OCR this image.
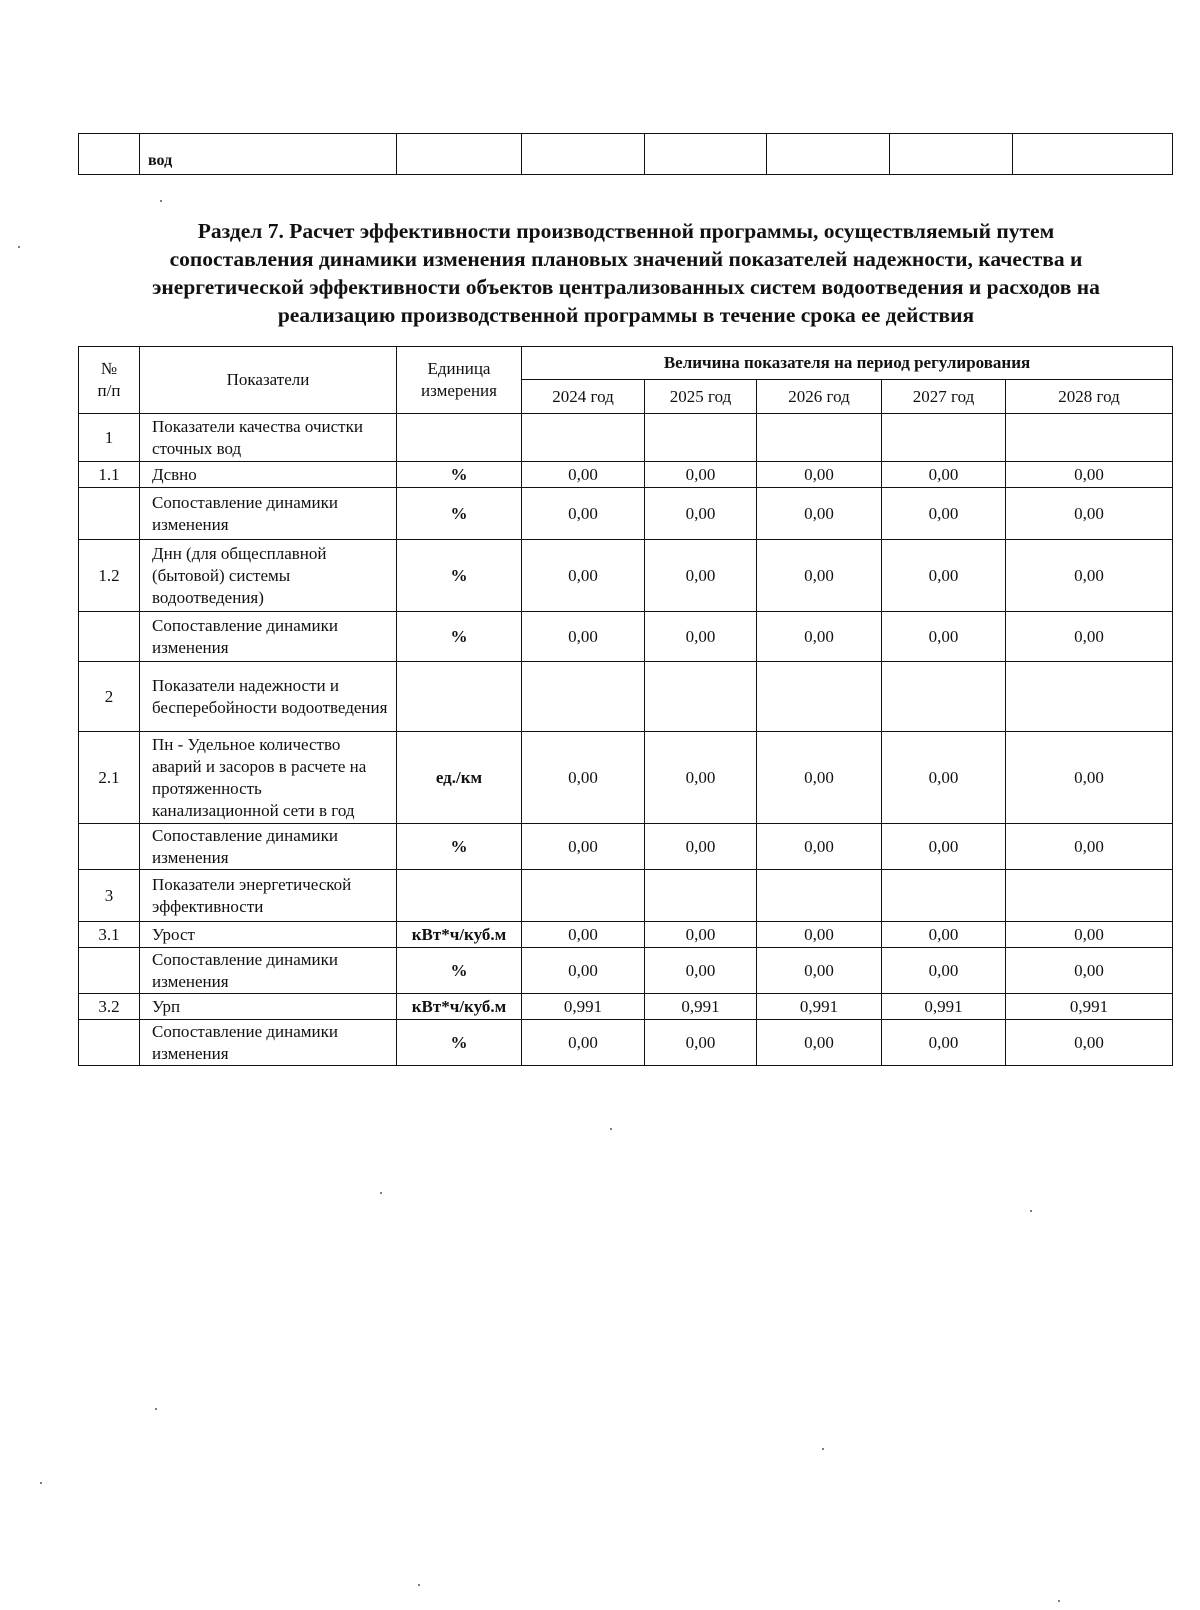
	вод						
Раздел 7. Расчет эффективности производственной программы, осуществляемый путем
сопоставления динамики изменения плановых значений показателей надежности, качества и
энергетической эффективности объектов централизованных систем водоотведения и расходов на
реализацию производственной программы в течение срока ее действия
№ п/п	Показатели	Единица измерения	Величина показателя на период регулирования				
			2024 год	2025 год	2026 год	2027 год	2028 год
1	Показатели качества очистки сточных вод						
1.1	Дсвно	%	0,00	0,00	0,00	0,00	0,00
	Сопоставление динамики изменения	%	0,00	0,00	0,00	0,00	0,00
1.2	Днн (для общесплавной (бытовой) системы водоотведения)	%	0,00	0,00	0,00	0,00	0,00
	Сопоставление динамики изменения	%	0,00	0,00	0,00	0,00	0,00
2	Показатели надежности и бесперебойности водоотведения						
2.1	Пн - Удельное количество аварий и засоров в расчете на протяженность канализационной сети в год	ед./км	0,00	0,00	0,00	0,00	0,00
	Сопоставление динамики изменения	%	0,00	0,00	0,00	0,00	0,00
3	Показатели энергетической эффективности						
3.1	Урост	кВт*ч/куб.м	0,00	0,00	0,00	0,00	0,00
	Сопоставление динамики изменения	%	0,00	0,00	0,00	0,00	0,00
3.2	Урп	кВт*ч/куб.м	0,991	0,991	0,991	0,991	0,991
	Сопоставление динамики изменения	%	0,00	0,00	0,00	0,00	0,00
